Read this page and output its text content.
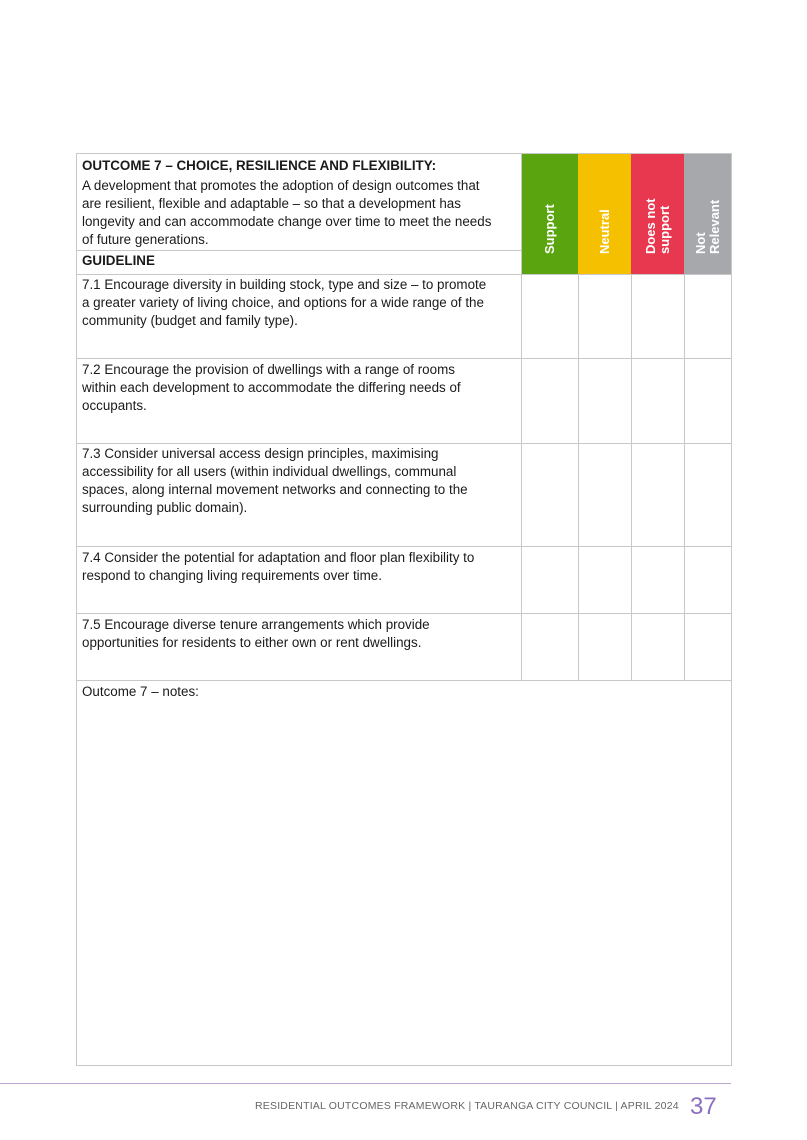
OUTCOME 7 – CHOICE, RESILIENCE AND FLEXIBILITY:

A development that promotes the adoption of design outcomes that

are resilient, flexible and adaptable – so that a development has

longevity and can accommodate change over time to meet the needs

of future generations.

GUIDELINE

Support	Neutral Does not
support Not
Relevant

7.1 Encourage diversity in building stock, type and size – to promote

a greater variety of living choice, and options for a wide range of the

community (budget and family type).

7.2 Encourage the provision of dwellings with a range of rooms

within each development to accommodate the differing needs of

occupants.

7.3 Consider universal access design principles, maximising

accessibility for all users (within individual dwellings, communal

spaces, along internal movement networks and connecting to the

surrounding public domain).

7.4 Consider the potential for adaptation and floor plan flexibility to

respond to changing living requirements over time.

7.5 Encourage diverse tenure arrangements which provide

opportunities for residents to either own or rent dwellings.

Outcome 7 – notes:

RESIDENTIAL OUTCOMES FRAMEWORK | TAURANGA CITY COUNCIL | APRIL 2024 37
